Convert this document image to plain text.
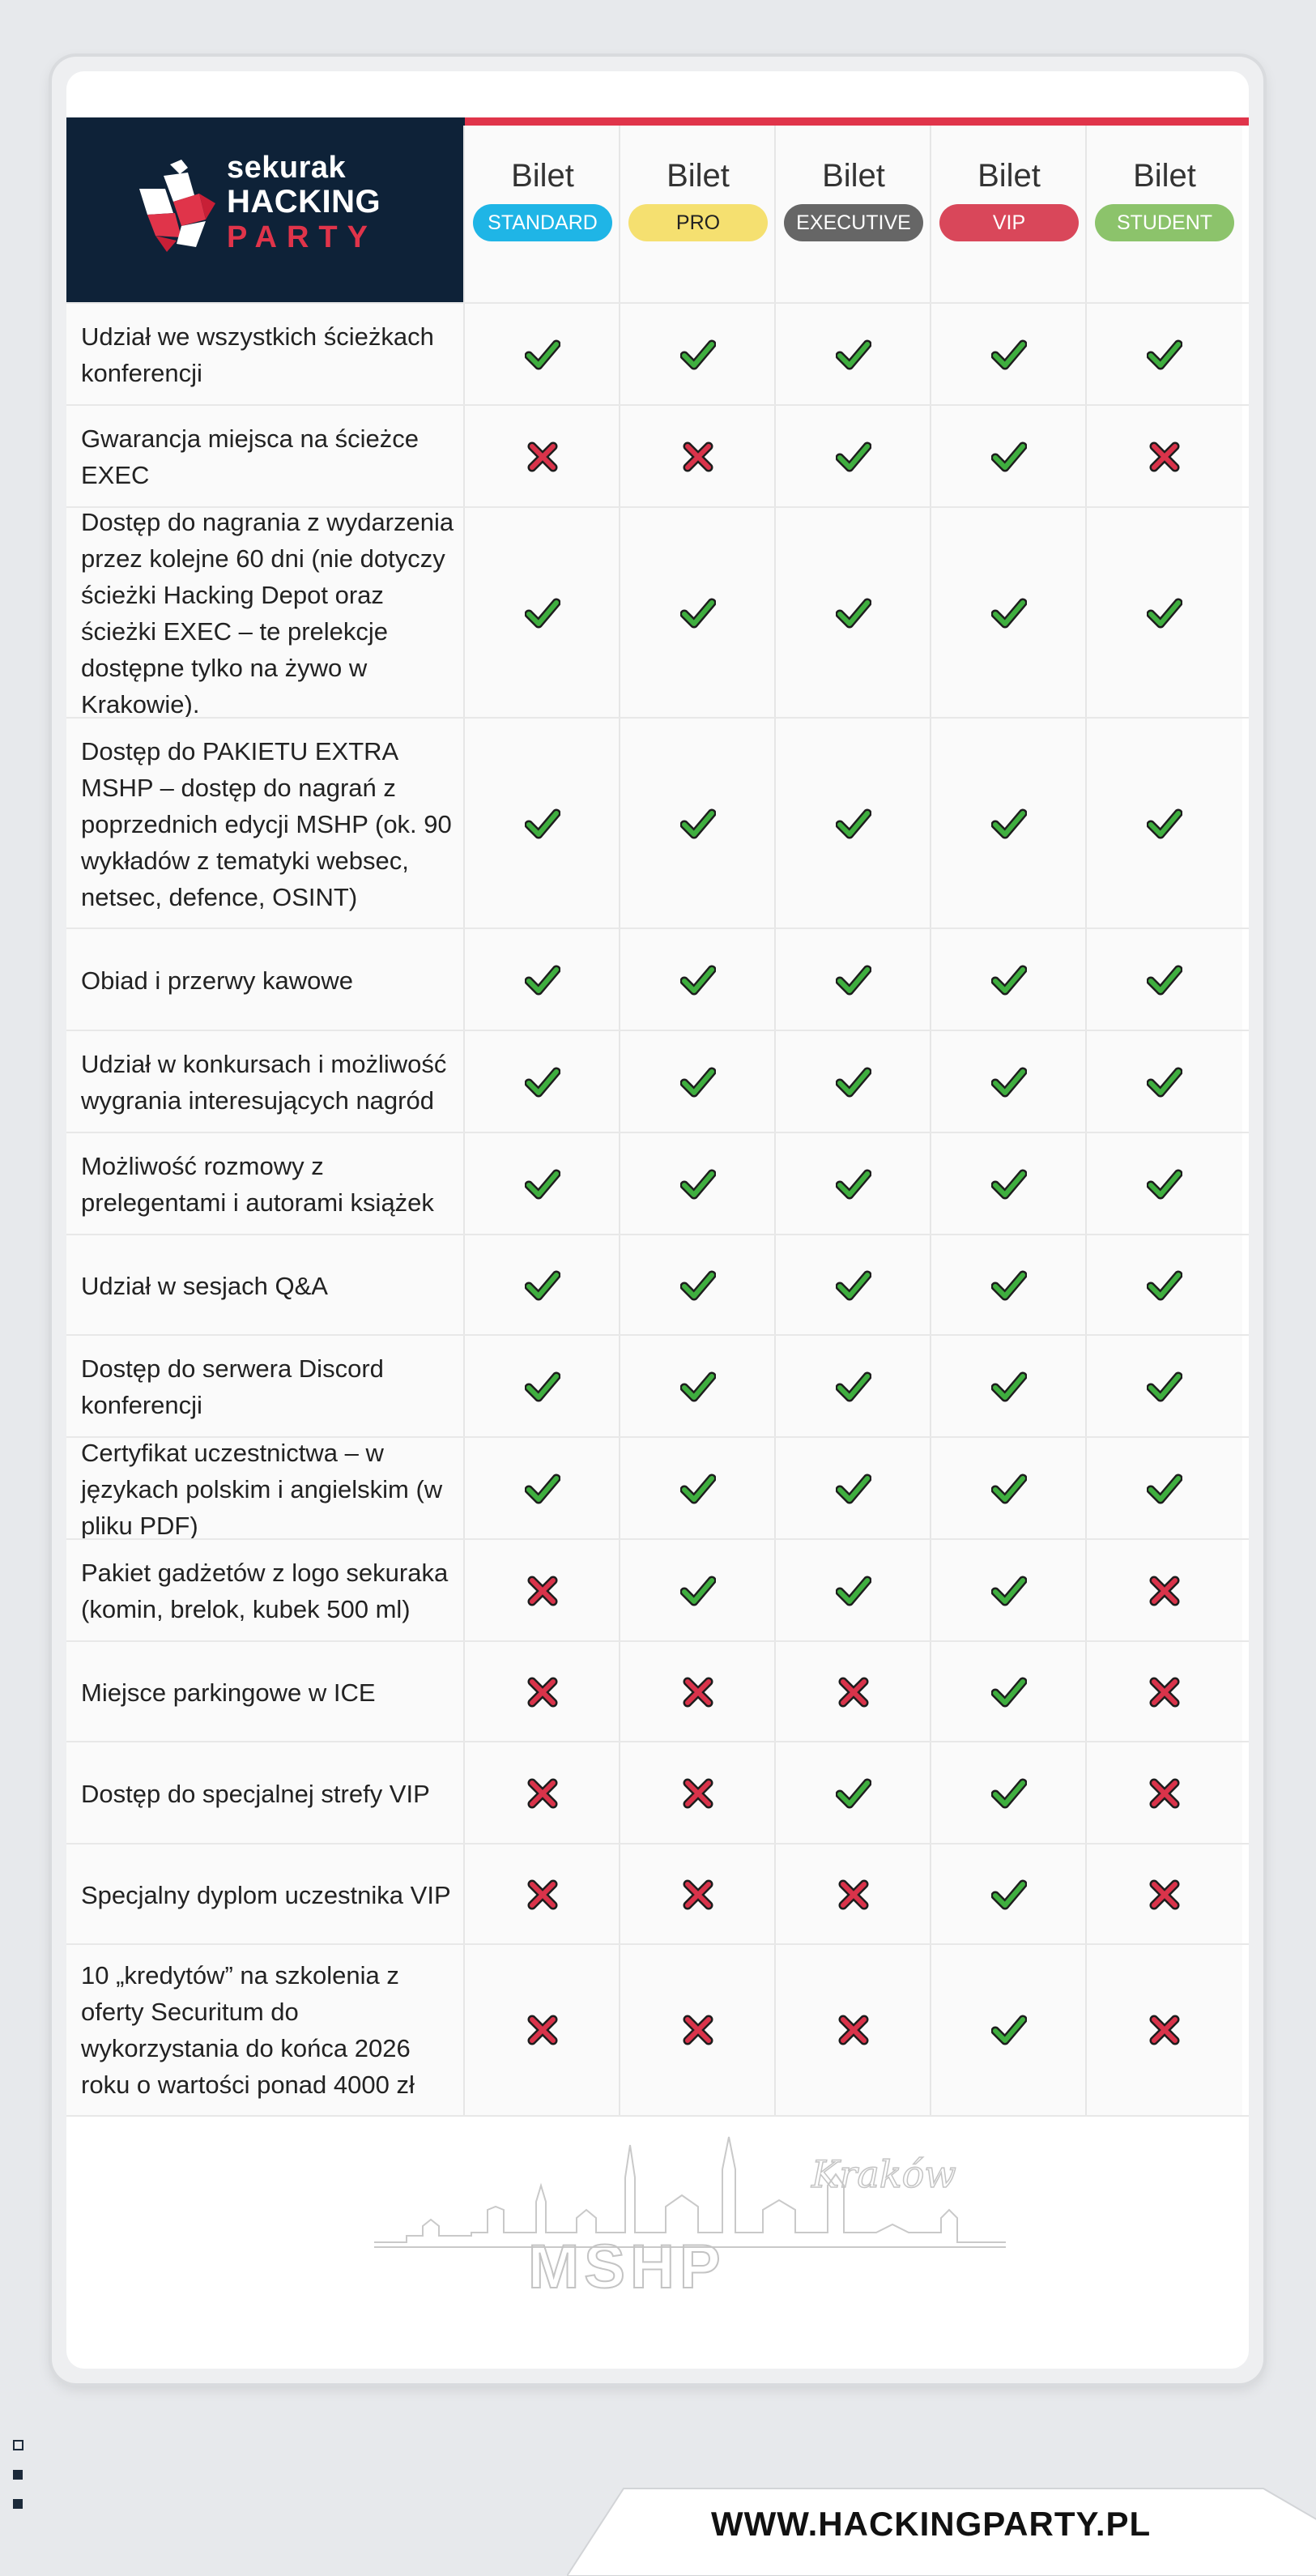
sekurak
HACKING
PARTY
Bilet
STANDARD
Bilet
PRO
Bilet
EXECUTIVE
Bilet
VIP
Bilet
STUDENT
Udział we wszystkich ścieżkach konferencji
Gwarancja miejsca na ścieżce EXEC
Dostęp do nagrania z wydarzenia przez kolejne 60 dni (nie dotyczy ścieżki Hacking Depot oraz ścieżki EXEC – te prelekcje dostępne tylko na żywo w Krakowie).
Dostęp do PAKIETU EXTRA MSHP – dostęp do nagrań z poprzednich edycji MSHP (ok. 90 wykładów z tematyki websec, netsec, defence, OSINT)
Obiad i przerwy kawowe
Udział w konkursach i możliwość wygrania interesujących nagród
Możliwość rozmowy z prelegentami i autorami książek
Udział w sesjach Q&A
Dostęp do serwera Discord konferencji
Certyfikat uczestnictwa – w językach polskim i angielskim (w pliku PDF)
Pakiet gadżetów z logo sekuraka (komin, brelok, kubek 500 ml)
Miejsce parkingowe w ICE
Dostęp do specjalnej strefy VIP
Specjalny dyplom uczestnika VIP
10 „kredytów” na szkolenia z oferty Securitum do wykorzystania do końca 2026 roku o wartości ponad 4000 zł
MSHP
Kraków
WWW.HACKINGPARTY.PL
